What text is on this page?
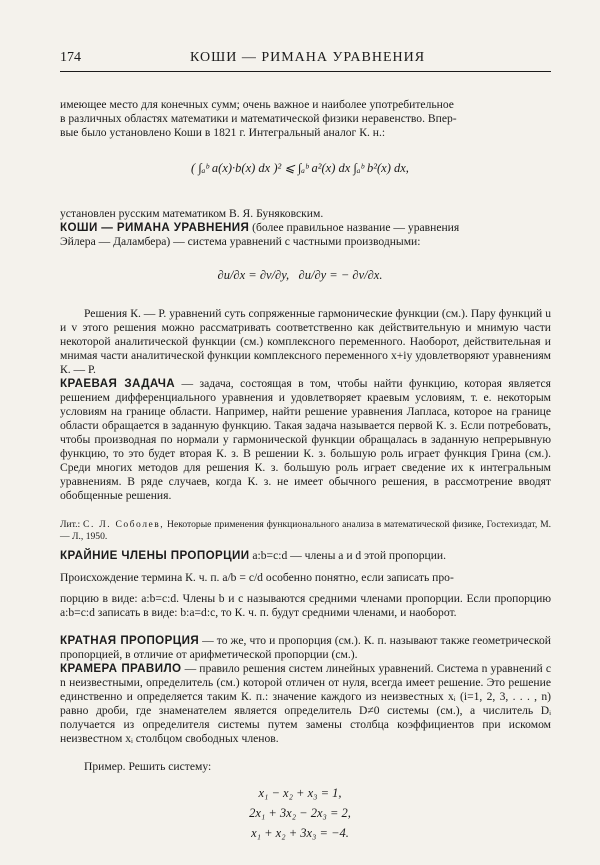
174	КОШИ — РИМАНА УРАВНЕНИЯ
имеющее место для конечных сумм; очень важное и наиболее употребительное
в различных областях математики и математической физики неравенство. Впер-
вые было установлено Коши в 1821 г. Интегральный аналог К. н.:
( ∫ₐᵇ a(x)·b(x) dx )² ⩽ ∫ₐᵇ a²(x) dx ∫ₐᵇ b²(x) dx,
установлен русским математиком В. Я. Буняковским.
КОШИ — РИМАНА УРАВНЕНИЯ (более правильное название — уравнения
Эйлера — Даламбера) — система уравнений с частными производными:
∂u/∂x = ∂v/∂y,   ∂u/∂y = − ∂v/∂x.
Решения К. — Р. уравнений суть сопряженные гармонические функции (см.). Пару функций u и v этого решения можно рассматривать соответственно как действительную и мнимую части некоторой аналитической функции (см.) комплексного переменного. Наоборот, действительная и мнимая части аналитической функции комплексного переменного x+iy удовлетворяют уравнениям К. — Р.
КРАЕВАЯ ЗАДАЧА — задача, состоящая в том, чтобы найти функцию, которая является решением дифференциального уравнения и удовлетворяет краевым условиям, т. е. некоторым условиям на границе области. Например, найти решение уравнения Лапласа, которое на границе области обращается в заданную функцию. Такая задача называется первой К. з. Если потребовать, чтобы производная по нормали у гармонической функции обращалась в заданную непрерывную функцию, то это будет вторая К. з. В решении К. з. большую роль играет функция Грина (см.). Среди многих методов для решения К. з. большую роль играет сведение их к интегральным уравнениям. В ряде случаев, когда К. з. не имеет обычного решения, в рассмотрение вводят обобщенные решения.
Лит.: С. Л. Соболев, Некоторые применения функционального анализа в математической физике, Гостехиздат, М. — Л., 1950.
КРАЙНИЕ ЧЛЕНЫ ПРОПОРЦИИ a:b=c:d — члены a и d этой пропорции.
Происхождение термина К. ч. п. a/b = c/d особенно понятно, если записать про-
порцию в виде: a:b=c:d. Члены b и c называются средними членами пропорции. Если пропорцию a:b=c:d записать в виде: b:a=d:c, то К. ч. п. будут средними членами, и наоборот.
КРАТНАЯ ПРОПОРЦИЯ — то же, что и пропорция (см.). К. п. называют также геометрической пропорцией, в отличие от арифметической пропорции (см.).
КРАМЕРА ПРАВИЛО — правило решения систем линейных уравнений. Система n уравнений с n неизвестными, определитель (см.) которой отличен от нуля, всегда имеет решение. Это решение единственно и определяется таким К. п.: значение каждого из неизвестных xᵢ (i=1, 2, 3, . . . , n) равно дроби, где знаменателем является определитель D≠0 системы (см.), а числитель Dᵢ получается из определителя системы путем замены столбца коэффициентов при искомом неизвестном xᵢ столбцом свободных членов.
Пример. Решить систему:
x₁ − x₂ + x₃ = 1,
2x₁ + 3x₂ − 2x₃ = 2,
x₁ + x₂ + 3x₃ = −4.
